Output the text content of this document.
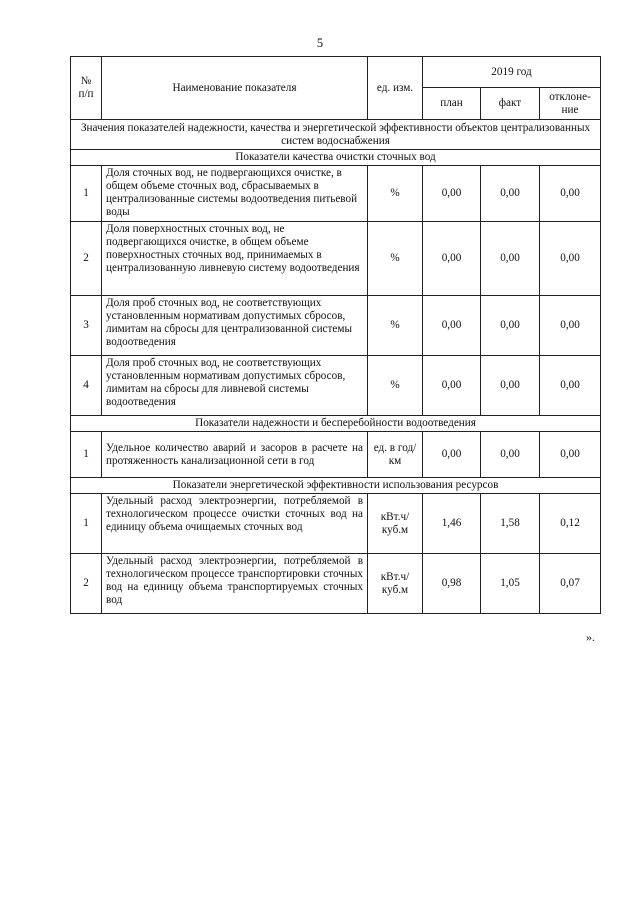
5
№ п/п	Наименование показателя	ед. изм.	2019 год		
			план	факт	отклоне-ние
Значения показателей надежности, качества и энергетической эффективности объектов централизованных систем водоснабжения					
Показатели качества очистки сточных вод					
1	Доля сточных вод, не подвергающихся очистке, в общем объеме сточных вод, сбрасываемых в централизованные системы водоотведения питьевой воды	%	0,00	0,00	0,00
2	Доля поверхностных сточных вод, не подвергающихся очистке, в общем объеме поверхностных сточных вод, принимаемых в централизованную ливневую систему водоотведения	%	0,00	0,00	0,00
3	Доля проб сточных вод, не соответствующих установленным нормативам допустимых сбросов, лимитам на сбросы для централизованной системы водоотведения	%	0,00	0,00	0,00
4	Доля проб сточных вод, не соответствующих установленным нормативам допустимых сбросов, лимитам на сбросы для ливневой системы водоотведения	%	0,00	0,00	0,00
Показатели надежности и бесперебойности водоотведения					
1	Удельное количество аварий и засоров в расчете на протяженность канализационной сети в год	ед. в год/ км	0,00	0,00	0,00
Показатели энергетической эффективности использования ресурсов					
1	Удельный расход электроэнергии, потребляемой в технологическом процессе очистки сточных вод на единицу объема очищаемых сточных вод	кВт.ч/ куб.м	1,46	1,58	0,12
2	Удельный расход электроэнергии, потребляемой в технологическом процессе транспортировки сточных вод на единицу объема транспортируемых сточных вод	кВт.ч/ куб.м	0,98	1,05	0,07
».
